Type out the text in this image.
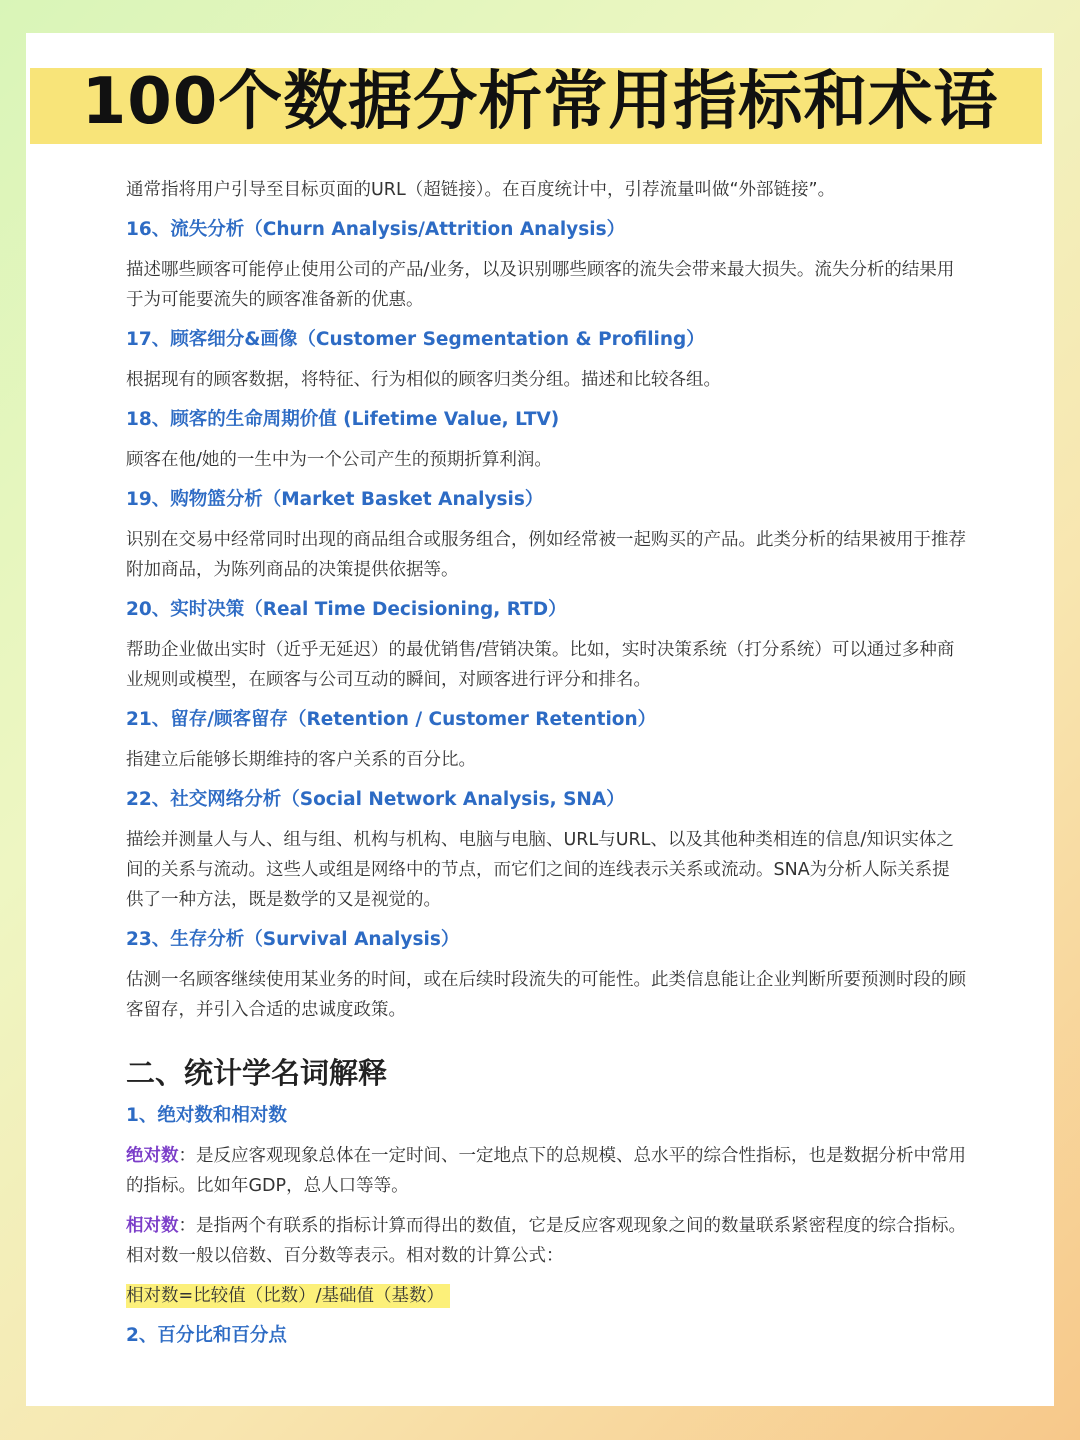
100个数据分析常用指标和术语

通常指将用户引导至目标页面的URL（超链接）。在百度统计中，引荐流量叫做“外部链接”。

16、流失分析（Churn Analysis/Attrition Analysis）

描述哪些顾客可能停止使用公司的产品/业务，以及识别哪些顾客的流失会带来最大损失。流失分析的结果用于为可能要流失的顾客准备新的优惠。

17、顾客细分&画像（Customer Segmentation & Profiling）

根据现有的顾客数据，将特征、行为相似的顾客归类分组。描述和比较各组。

18、顾客的生命周期价值 (Lifetime Value, LTV)

顾客在他/她的一生中为一个公司产生的预期折算利润。

19、购物篮分析（Market Basket Analysis）

识别在交易中经常同时出现的商品组合或服务组合，例如经常被一起购买的产品。此类分析的结果被用于推荐附加商品，为陈列商品的决策提供依据等。

20、实时决策（Real Time Decisioning, RTD）

帮助企业做出实时（近乎无延迟）的最优销售/营销决策。比如，实时决策系统（打分系统）可以通过多种商业规则或模型，在顾客与公司互动的瞬间，对顾客进行评分和排名。

21、留存/顾客留存（Retention / Customer Retention）

指建立后能够长期维持的客户关系的百分比。

22、社交网络分析（Social Network Analysis, SNA）

描绘并测量人与人、组与组、机构与机构、电脑与电脑、URL与URL、以及其他种类相连的信息/知识实体之间的关系与流动。这些人或组是网络中的节点，而它们之间的连线表示关系或流动。SNA为分析人际关系提供了一种方法，既是数学的又是视觉的。

23、生存分析（Survival Analysis）

估测一名顾客继续使用某业务的时间，或在后续时段流失的可能性。此类信息能让企业判断所要预测时段的顾客留存，并引入合适的忠诚度政策。

二、统计学名词解释

1、绝对数和相对数

绝对数：是反应客观现象总体在一定时间、一定地点下的总规模、总水平的综合性指标，也是数据分析中常用的指标。比如年GDP，总人口等等。

相对数：是指两个有联系的指标计算而得出的数值，它是反应客观现象之间的数量联系紧密程度的综合指标。相对数一般以倍数、百分数等表示。相对数的计算公式：

相对数=比较值（比数）/基础值（基数）

2、百分比和百分点
